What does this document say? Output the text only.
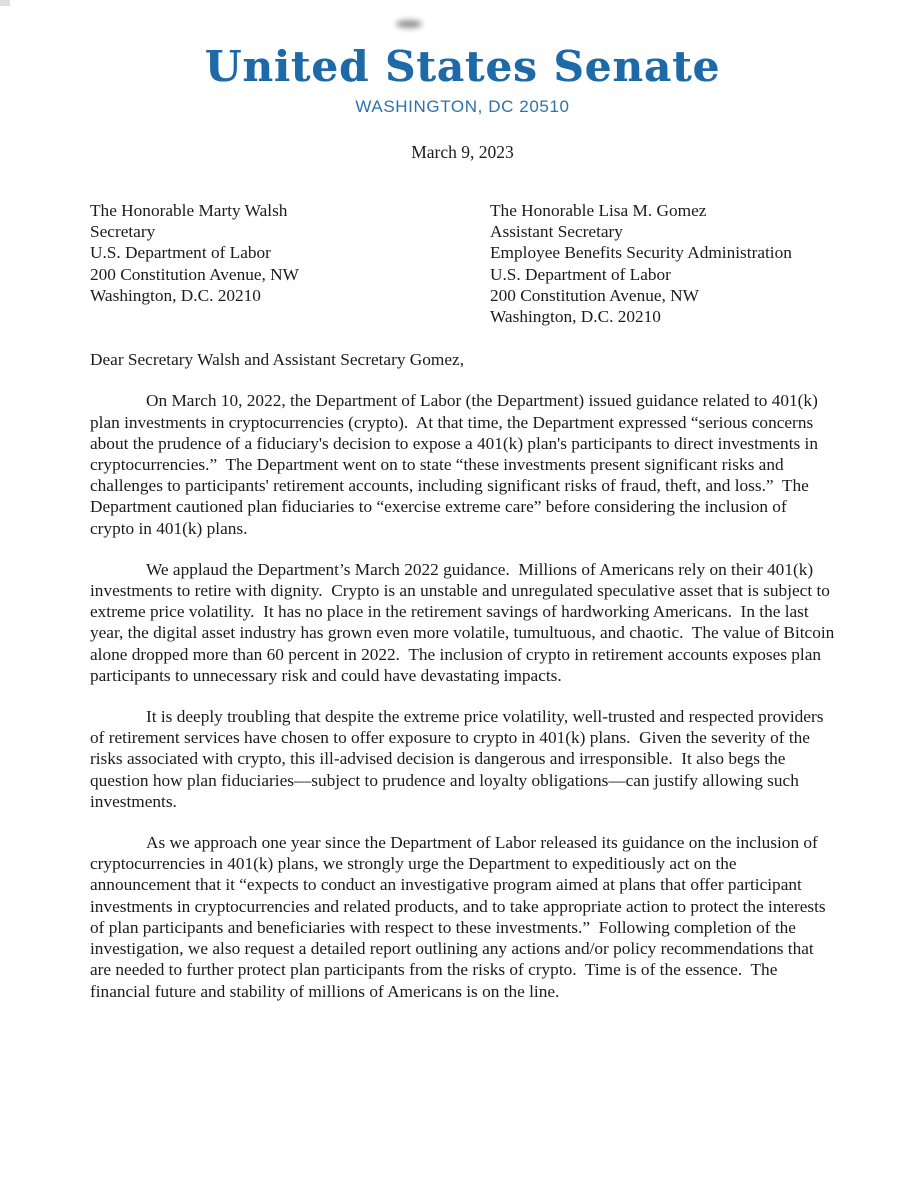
United States Senate
WASHINGTON, DC 20510
March 9, 2023
The Honorable Marty Walsh
Secretary
U.S. Department of Labor
200 Constitution Avenue, NW
Washington, D.C. 20210
The Honorable Lisa M. Gomez
Assistant Secretary
Employee Benefits Security Administration
U.S. Department of Labor
200 Constitution Avenue, NW
Washington, D.C. 20210

Dear Secretary Walsh and Assistant Secretary Gomez,

On March 10, 2022, the Department of Labor (the Department) issued guidance related to 401(k) plan investments in cryptocurrencies (crypto).  At that time, the Department expressed “serious concerns about the prudence of a fiduciary's decision to expose a 401(k) plan's participants to direct investments in cryptocurrencies.”  The Department went on to state “these investments present significant risks and challenges to participants' retirement accounts, including significant risks of fraud, theft, and loss.”  The Department cautioned plan fiduciaries to “exercise extreme care” before considering the inclusion of crypto in 401(k) plans.

We applaud the Department’s March 2022 guidance.  Millions of Americans rely on their 401(k) investments to retire with dignity.  Crypto is an unstable and unregulated speculative asset that is subject to extreme price volatility.  It has no place in the retirement savings of hardworking Americans.  In the last year, the digital asset industry has grown even more volatile, tumultuous, and chaotic.  The value of Bitcoin alone dropped more than 60 percent in 2022.  The inclusion of crypto in retirement accounts exposes plan participants to unnecessary risk and could have devastating impacts.

It is deeply troubling that despite the extreme price volatility, well-trusted and respected providers of retirement services have chosen to offer exposure to crypto in 401(k) plans.  Given the severity of the risks associated with crypto, this ill-advised decision is dangerous and irresponsible.  It also begs the question how plan fiduciaries—subject to prudence and loyalty obligations—can justify allowing such investments.

As we approach one year since the Department of Labor released its guidance on the inclusion of cryptocurrencies in 401(k) plans, we strongly urge the Department to expeditiously act on the announcement that it “expects to conduct an investigative program aimed at plans that offer participant investments in cryptocurrencies and related products, and to take appropriate action to protect the interests of plan participants and beneficiaries with respect to these investments.”  Following completion of the investigation, we also request a detailed report outlining any actions and/or policy recommendations that are needed to further protect plan participants from the risks of crypto.  Time is of the essence.  The financial future and stability of millions of Americans is on the line.
